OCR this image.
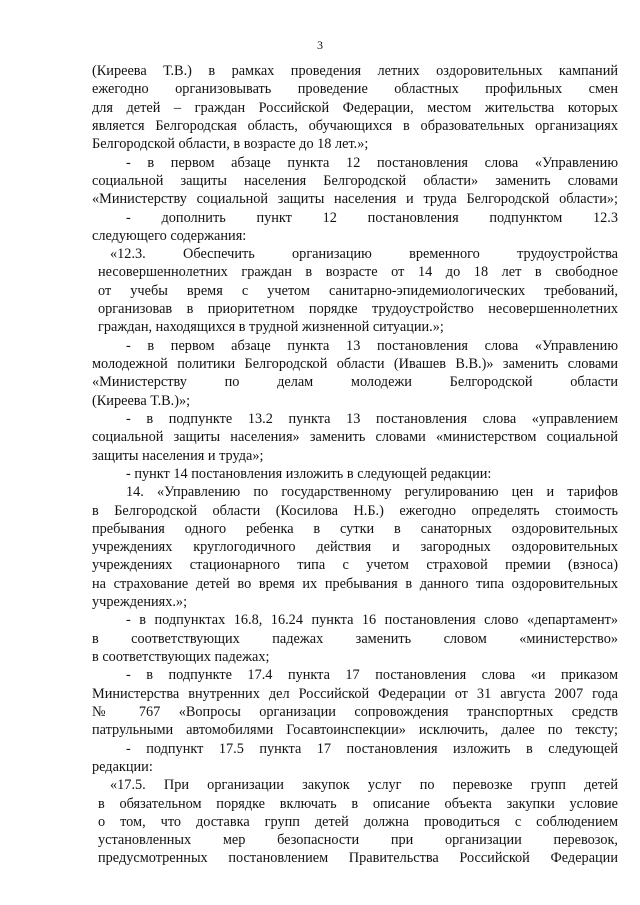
3
(Киреева Т.В.) в рамках проведения летних оздоровительных кампаний
ежегодно организовывать проведение областных профильных смен
для детей – граждан Российской Федерации, местом жительства которых
является Белгородская область, обучающихся в образовательных организациях
Белгородской области, в возрасте до 18 лет.»;
- в первом абзаце пункта 12 постановления слова «Управлению
социальной защиты населения Белгородской области» заменить словами
«Министерству социальной защиты населения и труда Белгородской области»;
- дополнить пункт 12 постановления подпунктом 12.3
следующего содержания:
«12.3. Обеспечить организацию временного трудоустройства
несовершеннолетних граждан в возрасте от 14 до 18 лет в свободное
от учебы время с учетом санитарно-эпидемиологических требований,
организовав в приоритетном порядке трудоустройство несовершеннолетних
граждан, находящихся в трудной жизненной ситуации.»;
- в первом абзаце пункта 13 постановления слова «Управлению
молодежной политики Белгородской области (Ивашев В.В.)» заменить словами
«Министерству по делам молодежи Белгородской области
(Киреева Т.В.)»;
- в подпункте 13.2 пункта 13 постановления слова «управлением
социальной защиты населения» заменить словами «министерством социальной
защиты населения и труда»;
- пункт 14 постановления изложить в следующей редакции:
14. «Управлению по государственному регулированию цен и тарифов
в Белгородской области (Косилова Н.Б.) ежегодно определять стоимость
пребывания одного ребенка в сутки в санаторных оздоровительных
учреждениях круглогодичного действия и загородных оздоровительных
учреждениях стационарного типа с учетом страховой премии (взноса)
на страхование детей во время их пребывания в данного типа оздоровительных
учреждениях.»;
- в подпунктах 16.8, 16.24 пункта 16 постановления слово «департамент»
в соответствующих падежах заменить словом «министерство»
в соответствующих падежах;
- в подпункте 17.4 пункта 17 постановления слова «и приказом
Министерства внутренних дел Российской Федерации от 31 августа 2007 года
№ 767 «Вопросы организации сопровождения транспортных средств
патрульными автомобилями Госавтоинспекции» исключить, далее по тексту;
- подпункт 17.5 пункта 17 постановления изложить в следующей
редакции:
«17.5. При организации закупок услуг по перевозке групп детей
в обязательном порядке включать в описание объекта закупки условие
о том, что доставка групп детей должна проводиться с соблюдением
установленных мер безопасности при организации перевозок,
предусмотренных постановлением Правительства Российской Федерации
